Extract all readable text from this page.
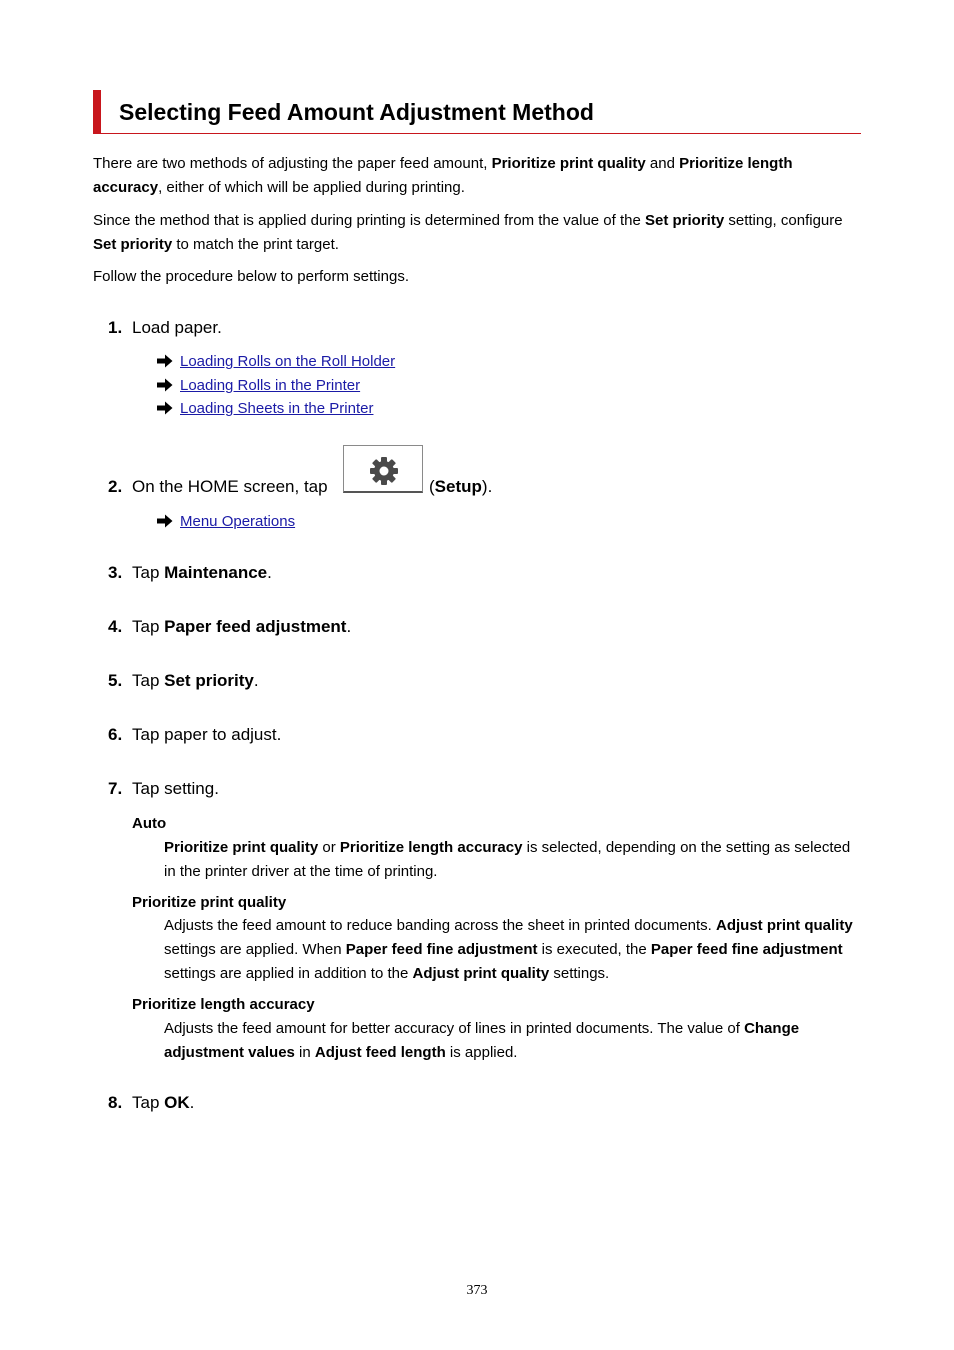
Selecting Feed Amount Adjustment Method

There are two methods of adjusting the paper feed amount, Prioritize print quality and Prioritize length accuracy, either of which will be applied during printing.

Since the method that is applied during printing is determined from the value of the Set priority setting, configure Set priority to match the print target.

Follow the procedure below to perform settings.

1. Load paper.

Loading Rolls on the Roll Holder

Loading Rolls in the Printer

Loading Sheets in the Printer

2. On the HOME screen, tap	(Setup).

Menu Operations

3. Tap Maintenance.

4. Tap Paper feed adjustment.

5. Tap Set priority.

6. Tap paper to adjust.

7. Tap setting.

Auto

Prioritize print quality or Prioritize length accuracy is selected, depending on the setting as selected in the printer driver at the time of printing.

Prioritize print quality

Adjusts the feed amount to reduce banding across the sheet in printed documents. Adjust print quality settings are applied. When Paper feed fine adjustment is executed, the Paper feed fine adjustment settings are applied in addition to the Adjust print quality settings.

Prioritize length accuracy

Adjusts the feed amount for better accuracy of lines in printed documents. The value of Change adjustment values in Adjust feed length is applied.

8. Tap OK.

373
